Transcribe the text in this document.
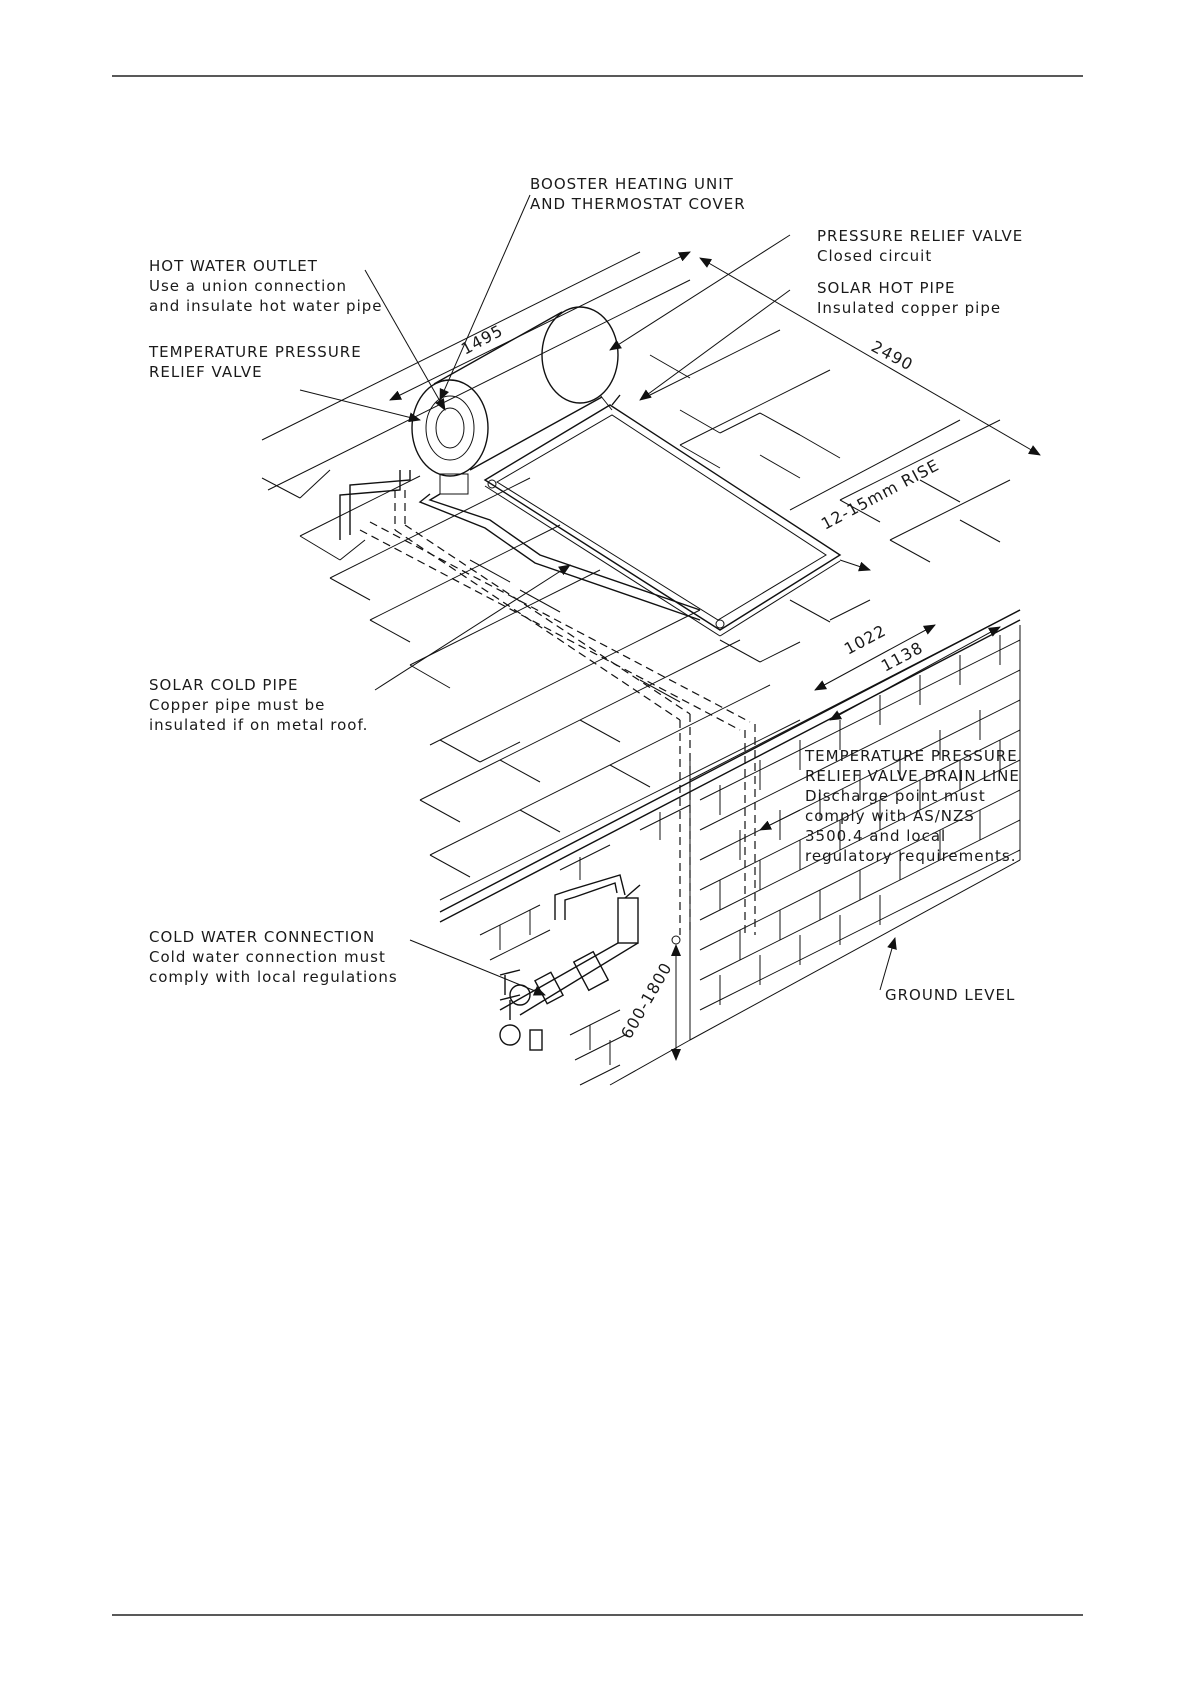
BOOSTER HEATING UNIT
AND THERMOSTAT COVER
PRESSURE RELIEF VALVE
Closed circuit
HOT WATER OUTLET
Use a union connection
and insulate hot water pipe
SOLAR HOT PIPE
Insulated copper pipe
TEMPERATURE PRESSURE
RELIEF VALVE
SOLAR COLD PIPE
Copper pipe must be
insulated if on metal roof.
TEMPERATURE PRESSURE
RELIEF VALVE DRAIN LINE
Discharge point must
comply with AS/NZS
3500.4 and local
regulatory requirements.
COLD WATER CONNECTION
Cold water connection must
comply with local regulations
GROUND LEVEL
1495	2490
12-15mm RISE
1022
1138
600-1800
